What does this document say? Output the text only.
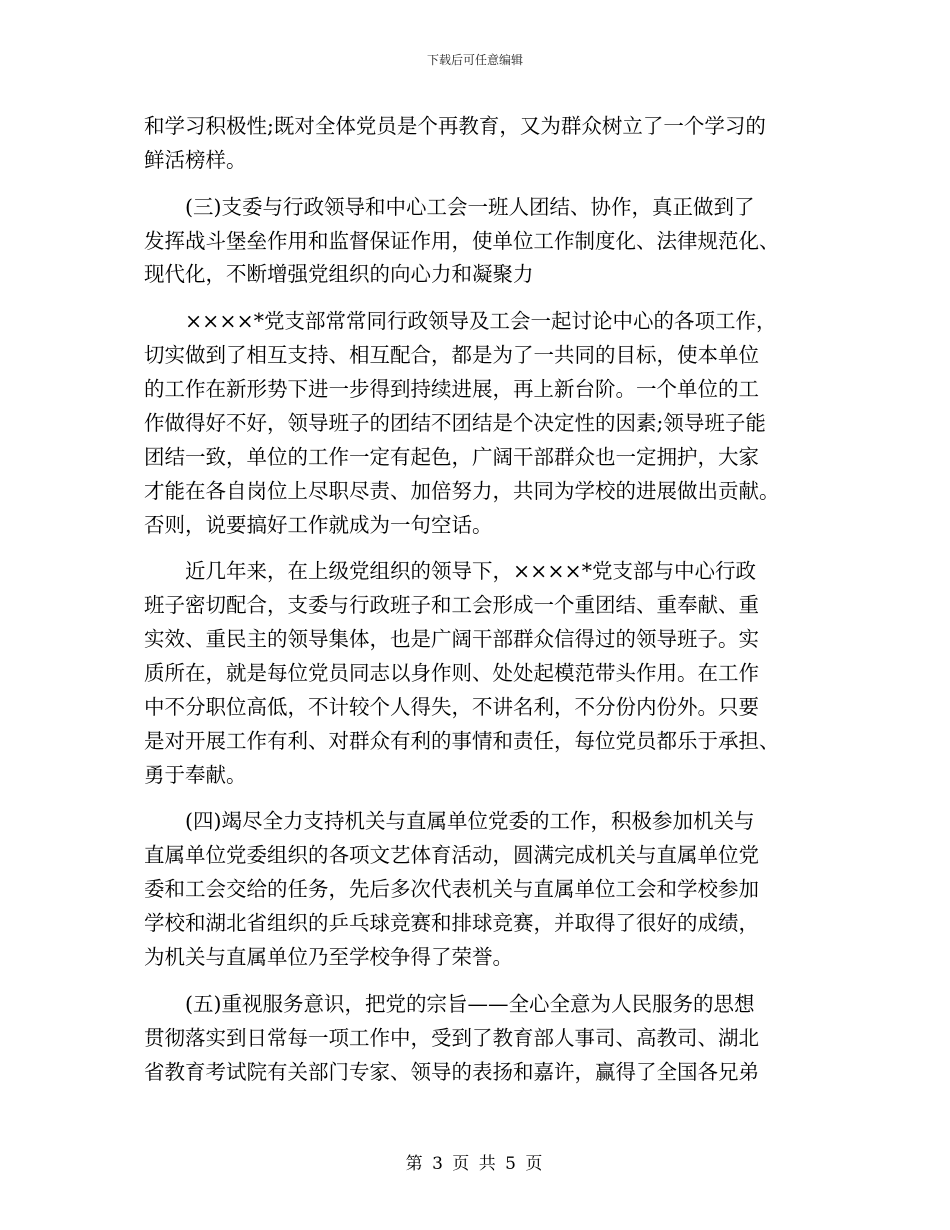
下载后可任意编辑
和学习积极性;既对全体党员是个再教育，又为群众树立了一个学习的
鲜活榜样。
　　(三)支委与行政领导和中心工会一班人团结、协作，真正做到了
发挥战斗堡垒作用和监督保证作用，使单位工作制度化、法律规范化、
现代化，不断增强党组织的向心力和凝聚力
　　××××*党支部常常同行政领导及工会一起讨论中心的各项工作，
切实做到了相互支持、相互配合，都是为了一共同的目标，使本单位
的工作在新形势下进一步得到持续进展，再上新台阶。一个单位的工
作做得好不好，领导班子的团结不团结是个决定性的因素;领导班子能
团结一致，单位的工作一定有起色，广阔干部群众也一定拥护，大家
才能在各自岗位上尽职尽责、加倍努力，共同为学校的进展做出贡献。
否则，说要搞好工作就成为一句空话。
　　近几年来，在上级党组织的领导下，××××*党支部与中心行政
班子密切配合，支委与行政班子和工会形成一个重团结、重奉献、重
实效、重民主的领导集体，也是广阔干部群众信得过的领导班子。实
质所在，就是每位党员同志以身作则、处处起模范带头作用。在工作
中不分职位高低，不计较个人得失，不讲名利，不分份内份外。只要
是对开展工作有利、对群众有利的事情和责任，每位党员都乐于承担、
勇于奉献。
　　(四)竭尽全力支持机关与直属单位党委的工作，积极参加机关与
直属单位党委组织的各项文艺体育活动，圆满完成机关与直属单位党
委和工会交给的任务，先后多次代表机关与直属单位工会和学校参加
学校和湖北省组织的乒乓球竞赛和排球竞赛，并取得了很好的成绩，
为机关与直属单位乃至学校争得了荣誉。
　　(五)重视服务意识，把党的宗旨——全心全意为人民服务的思想
贯彻落实到日常每一项工作中，受到了教育部人事司、高教司、湖北
省教育考试院有关部门专家、领导的表扬和嘉许，赢得了全国各兄弟
第 3 页 共 5 页
